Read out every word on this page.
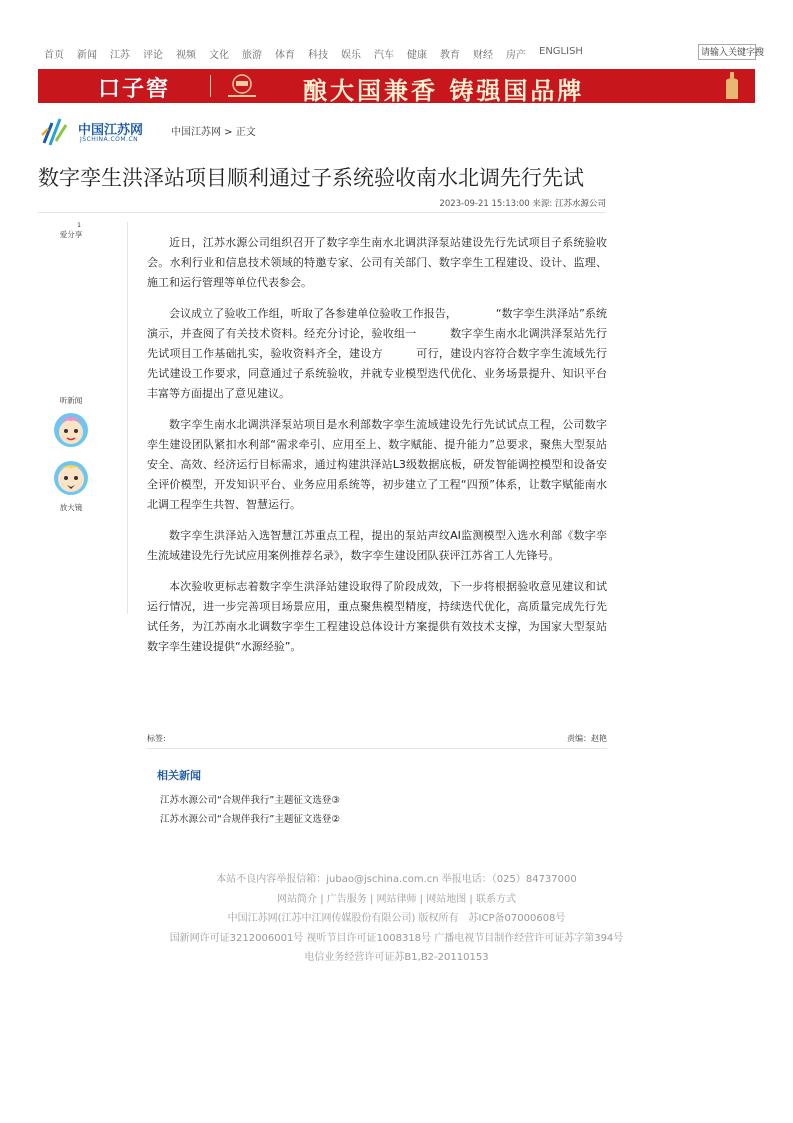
首页 新闻 江苏 评论 视频 文化 旅游 体育 科技 娱乐 汽车 健康 教育 财经 房产 ENGLISH	请输入关键字搜
口子窖	酿大国兼香 铸强国品牌
中国江苏网
JSCHINA.COM.CN
中国江苏网 > 正文
数字孪生洪泽站项目顺利通过子系统验收南水北调先行先试
2023-09-21 15:13:00 来源: 江苏水源公司
1
爱分享
听新闻

放大镜

近日，江苏水源公司组织召开了数字孪生南水北调洪泽泵站建设先行先试项目子系统验收会。水利行业和信息技术领域的特邀专家、公司有关部门、数字孪生工程建设、设计、监理、施工和运行管理等单位代表参会。

会议成立了验收工作组，听取了各参建单位验收工作报告，　　　　“数字孪生洪泽站”系统演示，并查阅了有关技术资料。经充分讨论，验收组一　　　数字孪生南水北调洪泽泵站先行先试项目工作基础扎实，验收资料齐全，建设方　　　可行，建设内容符合数字孪生流域先行先试建设工作要求，同意通过子系统验收，并就专业模型迭代优化、业务场景提升、知识平台丰富等方面提出了意见建议。

数字孪生南水北调洪泽泵站项目是水利部数字孪生流域建设先行先试试点工程，公司数字孪生建设团队紧扣水利部“需求牵引、应用至上、数字赋能、提升能力”总要求，聚焦大型泵站安全、高效、经济运行目标需求，通过构建洪泽站L3级数据底板，研发智能调控模型和设备安全评价模型，开发知识平台、业务应用系统等，初步建立了工程“四预”体系，让数字赋能南水北调工程孪生共智、智慧运行。

数字孪生洪泽站入选智慧江苏重点工程，提出的泵站声纹AI监测模型入选水利部《数字孪生流域建设先行先试应用案例推荐名录》，数字孪生建设团队获评江苏省工人先锋号。

本次验收更标志着数字孪生洪泽站建设取得了阶段成效，下一步将根据验收意见建议和试运行情况，进一步完善项目场景应用，重点聚焦模型精度，持续迭代优化，高质量完成先行先试任务，为江苏南水北调数字孪生工程建设总体设计方案提供有效技术支撑，为国家大型泵站数字孪生建设提供“水源经验”。

标签:	责编：赵艳
相关新闻
江苏水源公司“合规伴我行”主题征文选登③
江苏水源公司“合规伴我行”主题征文选登②
本站不良内容举报信箱：jubao@jschina.com.cn 举报电话：（025）84737000
网站简介 | 广告服务 | 网站律师 | 网站地图 | 联系方式
中国江苏网(江苏中江网传媒股份有限公司) 版权所有　苏ICP备07000608号
国新网许可证3212006001号 视听节目许可证1008318号 广播电视节目制作经营许可证苏字第394号
电信业务经营许可证苏B1,B2-20110153
